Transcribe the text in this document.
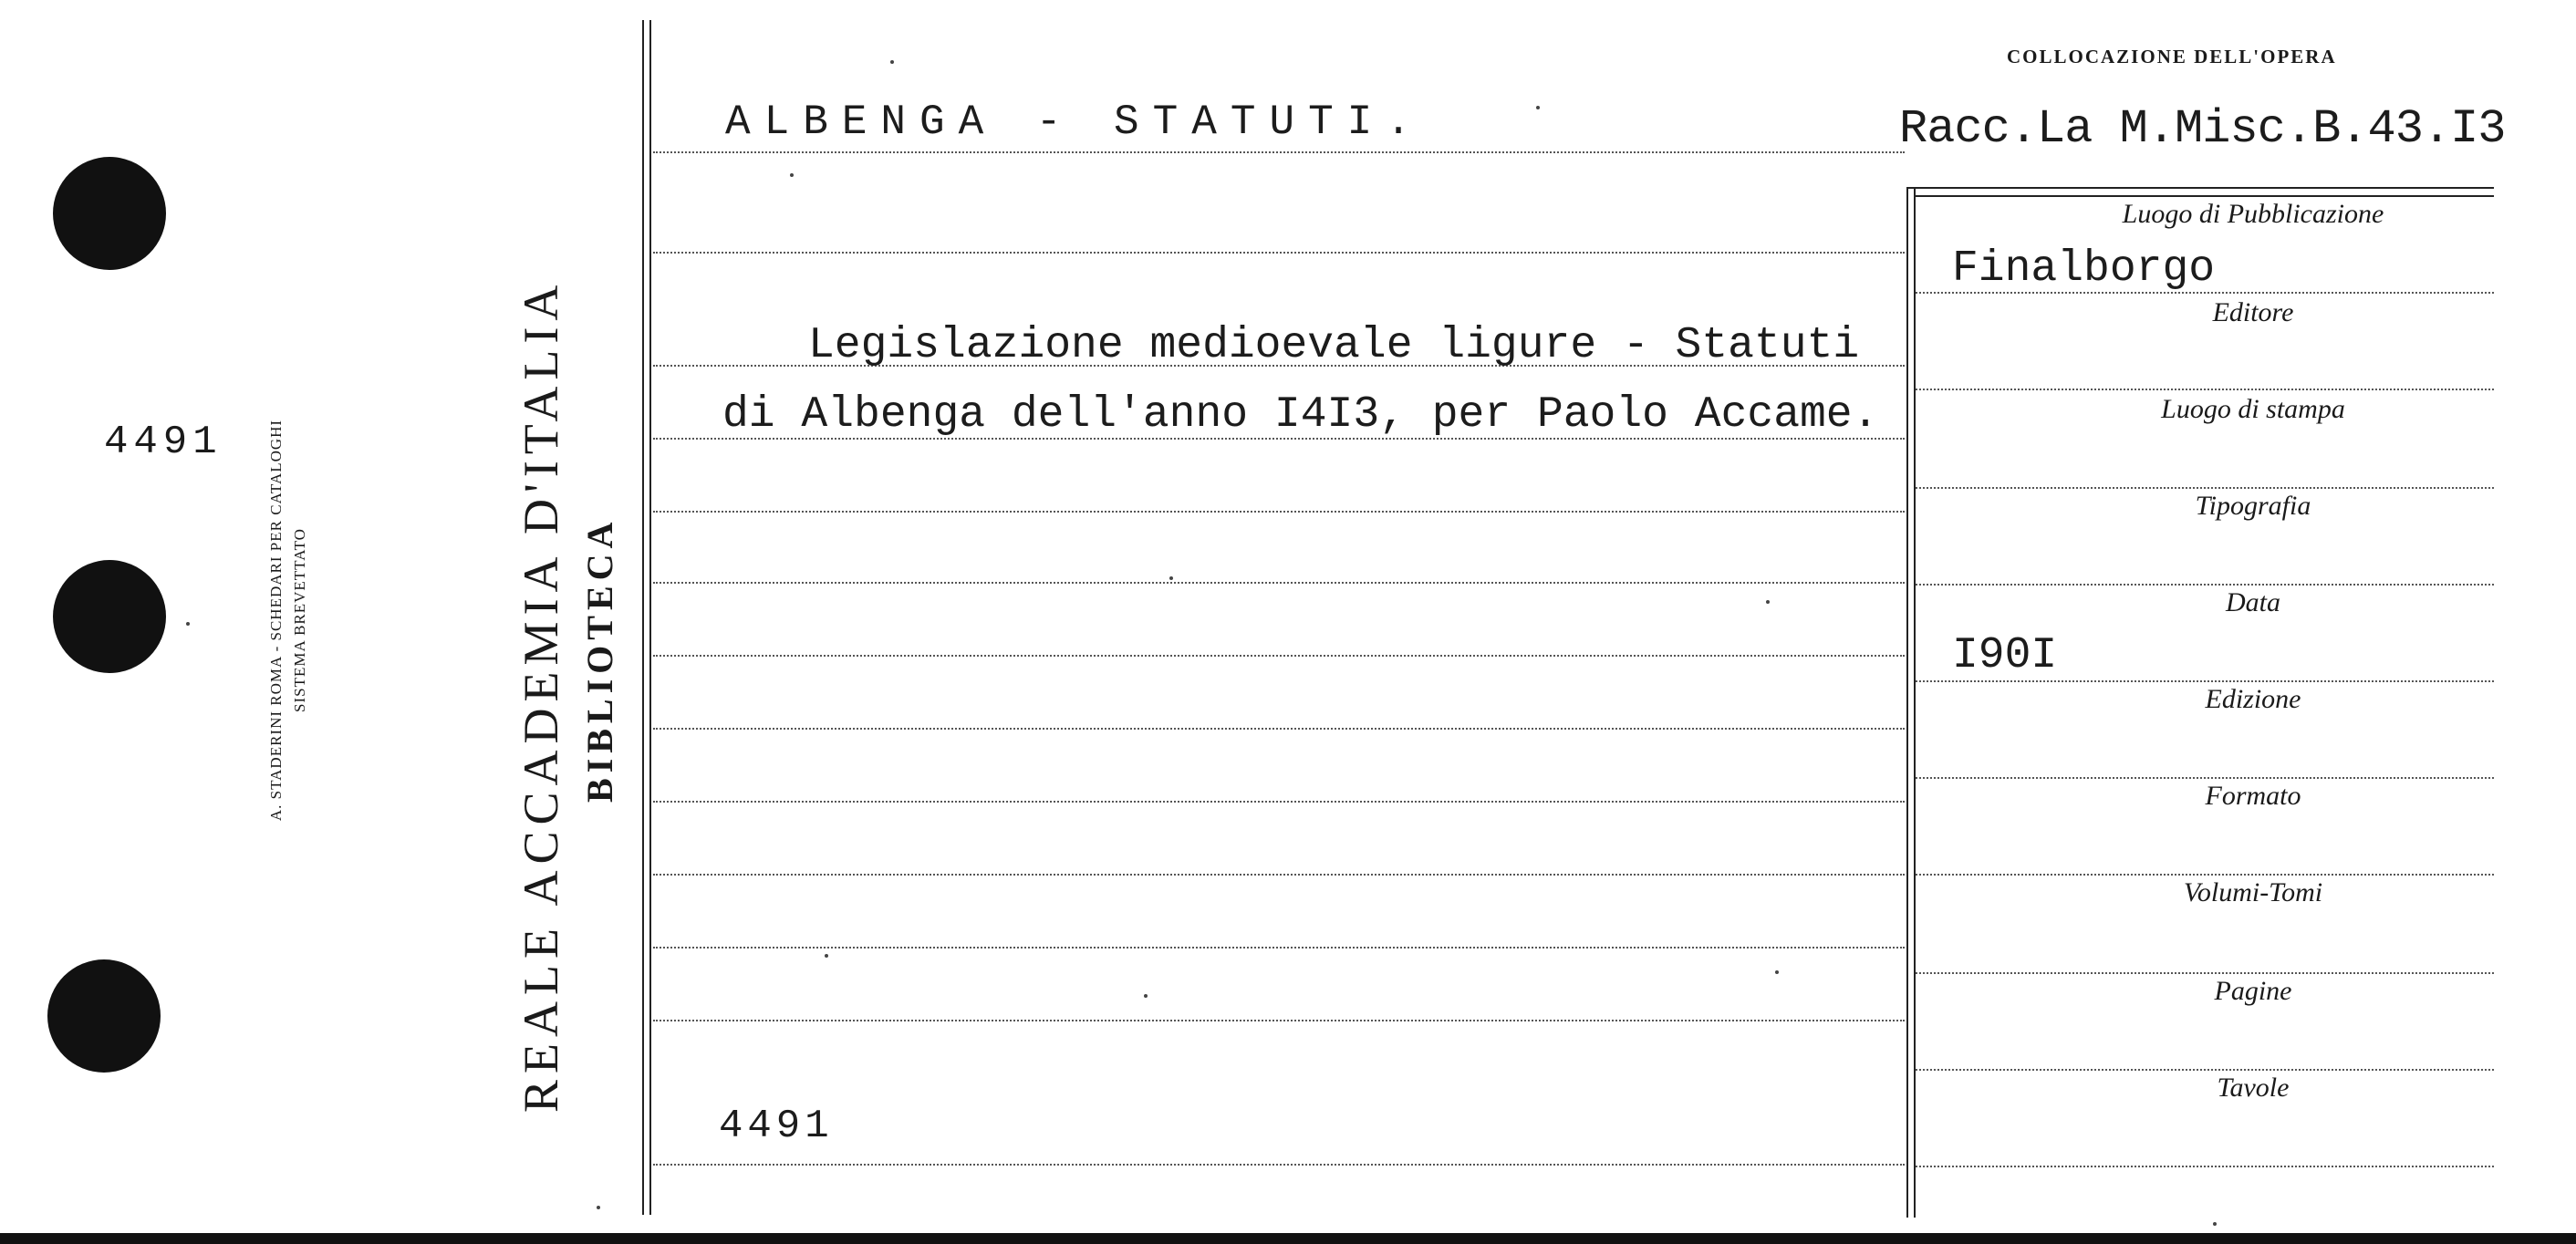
4491	A. STADERINI ROMA - SCHEDARI PER CATALOGHI SISTEMA BREVETTATO	REALE ACCADEMIA D'ITALIA BIBLIOTECA
COLLOCAZIONE DELL'OPERA
Racc.La M.Misc.B.43.I3
ALBENGA - STATUTI.
Legislazione medioevale ligure - Statuti
di Albenga dell'anno I4I3, per Paolo Accame.
4491
Luogo di Pubblicazione
Editore
Luogo di stampa
Tipografia
Data
Edizione
Formato
Volumi-Tomi
Pagine
Tavole
Finalborgo
I90I
